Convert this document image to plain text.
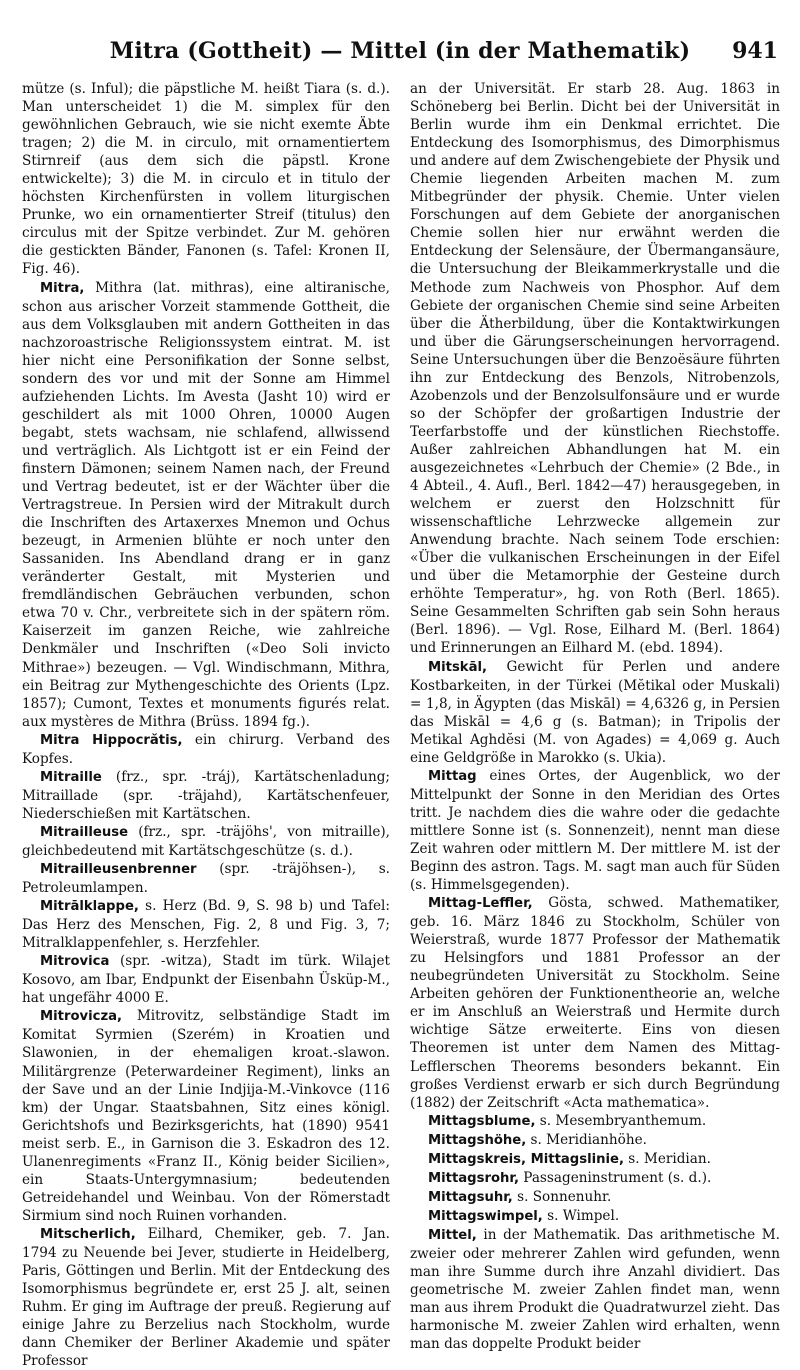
Mitra (Gottheit) — Mittel (in der Mathematik)	941

mütze (s. Inful); die päpstliche M. heißt Tiara (s. d.). Man unterscheidet 1) die M. simplex für den gewöhnlichen Gebrauch, wie sie nicht exemte Äbte tragen; 2) die M. in circulo, mit ornamentiertem Stirnreif (aus dem sich die päpstl. Krone entwickelte); 3) die M. in circulo et in titulo der höchsten Kirchenfürsten in vollem liturgischen Prunke, wo ein ornamentierter Streif (titulus) den circulus mit der Spitze verbindet. Zur M. gehören die gestickten Bänder, Fanonen (s. Tafel: Kronen II, Fig. 46).

Mitra, Mithra (lat. mithras), eine altiranische, schon aus arischer Vorzeit stammende Gottheit, die aus dem Volksglauben mit andern Gottheiten in das nachzoroastrische Religionssystem eintrat. M. ist hier nicht eine Personifikation der Sonne selbst, sondern des vor und mit der Sonne am Himmel aufziehenden Lichts. Im Avesta (Jasht 10) wird er geschildert als mit 1000 Ohren, 10000 Augen begabt, stets wachsam, nie schlafend, allwissend und verträglich. Als Lichtgott ist er ein Feind der finstern Dämonen; seinem Namen nach, der Freund und Vertrag bedeutet, ist er der Wächter über die Vertragstreue. In Persien wird der Mitrakult durch die Inschriften des Artaxerxes Mnemon und Ochus bezeugt, in Armenien blühte er noch unter den Sassaniden. Ins Abendland drang er in ganz veränderter Gestalt, mit Mysterien und fremdländischen Gebräuchen verbunden, schon etwa 70 v. Chr., verbreitete sich in der spätern röm. Kaiserzeit im ganzen Reiche, wie zahlreiche Denkmäler und Inschriften («Deo Soli invicto Mithrae») bezeugen. — Vgl. Windischmann, Mithra, ein Beitrag zur Mythengeschichte des Orients (Lpz. 1857); Cumont, Textes et monuments figurés relat. aux mystères de Mithra (Brüss. 1894 fg.).

Mitra Hippocrătis, ein chirurg. Verband des Kopfes.

Mitraille (frz., spr. -tráj), Kartätschenladung; Mitraillade (spr. -träjahd), Kartätschenfeuer, Niederschießen mit Kartätschen.

Mitrailleuse (frz., spr. -träjöhs', von mitraille), gleichbedeutend mit Kartätschgeschütze (s. d.).

Mitrailleusenbrenner (spr. -träjöhsen-), s. Petroleumlampen.

Mitrālklappe, s. Herz (Bd. 9, S. 98 b) und Tafel: Das Herz des Menschen, Fig. 2, 8 und Fig. 3, 7; Mitralklappenfehler, s. Herzfehler.

Mitrovica (spr. -witza), Stadt im türk. Wilajet Kosovo, am Ibar, Endpunkt der Eisenbahn Üsküp-M., hat ungefähr 4000 E.

Mitrovicza, Mitrovitz, selbständige Stadt im Komitat Syrmien (Szerém) in Kroatien und Slawonien, in der ehemaligen kroat.-slawon. Militärgrenze (Peterwardeiner Regiment), links an der Save und an der Linie Indjija-M.-Vinkovce (116 km) der Ungar. Staatsbahnen, Sitz eines königl. Gerichtshofs und Bezirksgerichts, hat (1890) 9541 meist serb. E., in Garnison die 3. Eskadron des 12. Ulanenregiments «Franz II., König beider Sicilien», ein Staats-Untergymnasium; bedeutenden Getreidehandel und Weinbau. Von der Römerstadt Sirmium sind noch Ruinen vorhanden.

Mitscherlich, Eilhard, Chemiker, geb. 7. Jan. 1794 zu Neuende bei Jever, studierte in Heidelberg, Paris, Göttingen und Berlin. Mit der Entdeckung des Isomorphismus begründete er, erst 25 J. alt, seinen Ruhm. Er ging im Auftrage der preuß. Regierung auf einige Jahre zu Berzelius nach Stockholm, wurde dann Chemiker der Berliner Akademie und später Professor

an der Universität. Er starb 28. Aug. 1863 in Schöneberg bei Berlin. Dicht bei der Universität in Berlin wurde ihm ein Denkmal errichtet. Die Entdeckung des Isomorphismus, des Dimorphismus und andere auf dem Zwischengebiete der Physik und Chemie liegenden Arbeiten machen M. zum Mitbegründer der physik. Chemie. Unter vielen Forschungen auf dem Gebiete der anorganischen Chemie sollen hier nur erwähnt werden die Entdeckung der Selensäure, der Übermangansäure, die Untersuchung der Bleikammerkrystalle und die Methode zum Nachweis von Phosphor. Auf dem Gebiete der organischen Chemie sind seine Arbeiten über die Ätherbildung, über die Kontaktwirkungen und über die Gärungserscheinungen hervorragend. Seine Untersuchungen über die Benzoësäure führten ihn zur Entdeckung des Benzols, Nitrobenzols, Azobenzols und der Benzolsulfonsäure und er wurde so der Schöpfer der großartigen Industrie der Teerfarbstoffe und der künstlichen Riechstoffe. Außer zahlreichen Abhandlungen hat M. ein ausgezeichnetes «Lehrbuch der Chemie» (2 Bde., in 4 Abteil., 4. Aufl., Berl. 1842—47) herausgegeben, in welchem er zuerst den Holzschnitt für wissenschaftliche Lehrzwecke allgemein zur Anwendung brachte. Nach seinem Tode erschien: «Über die vulkanischen Erscheinungen in der Eifel und über die Metamorphie der Gesteine durch erhöhte Temperatur», hg. von Roth (Berl. 1865). Seine Gesammelten Schriften gab sein Sohn heraus (Berl. 1896). — Vgl. Rose, Eilhard M. (Berl. 1864) und Erinnerungen an Eilhard M. (ebd. 1894).

Mitskāl, Gewicht für Perlen und andere Kostbarkeiten, in der Türkei (Mĕtikal oder Muskali) = 1,8, in Ägypten (das Miskāl) = 4,6326 g, in Persien das Miskāl = 4,6 g (s. Batman); in Tripolis der Metikal Aghdĕsi (M. von Agades) = 4,069 g. Auch eine Geldgröße in Marokko (s. Ukia).

Mittag eines Ortes, der Augenblick, wo der Mittelpunkt der Sonne in den Meridian des Ortes tritt. Je nachdem dies die wahre oder die gedachte mittlere Sonne ist (s. Sonnenzeit), nennt man diese Zeit wahren oder mittlern M. Der mittlere M. ist der Beginn des astron. Tags. M. sagt man auch für Süden (s. Himmelsgegenden).

Mittag-Leffler, Gösta, schwed. Mathematiker, geb. 16. März 1846 zu Stockholm, Schüler von Weierstraß, wurde 1877 Professor der Mathematik zu Helsingfors und 1881 Professor an der neubegründeten Universität zu Stockholm. Seine Arbeiten gehören der Funktionentheorie an, welche er im Anschluß an Weierstraß und Hermite durch wichtige Sätze erweiterte. Eins von diesen Theoremen ist unter dem Namen des Mittag-Lefflerschen Theorems besonders bekannt. Ein großes Verdienst erwarb er sich durch Begründung (1882) der Zeitschrift «Acta mathematica».

Mittagsblume, s. Mesembryanthemum.

Mittagshöhe, s. Meridianhöhe.

Mittagskreis, Mittagslinie, s. Meridian.

Mittagsrohr, Passageninstrument (s. d.).

Mittagsuhr, s. Sonnenuhr.

Mittagswimpel, s. Wimpel.

Mittel, in der Mathematik. Das arithmetische M. zweier oder mehrerer Zahlen wird gefunden, wenn man ihre Summe durch ihre Anzahl dividiert. Das geometrische M. zweier Zahlen findet man, wenn man aus ihrem Produkt die Quadratwurzel zieht. Das harmonische M. zweier Zahlen wird erhalten, wenn man das doppelte Produkt beider
